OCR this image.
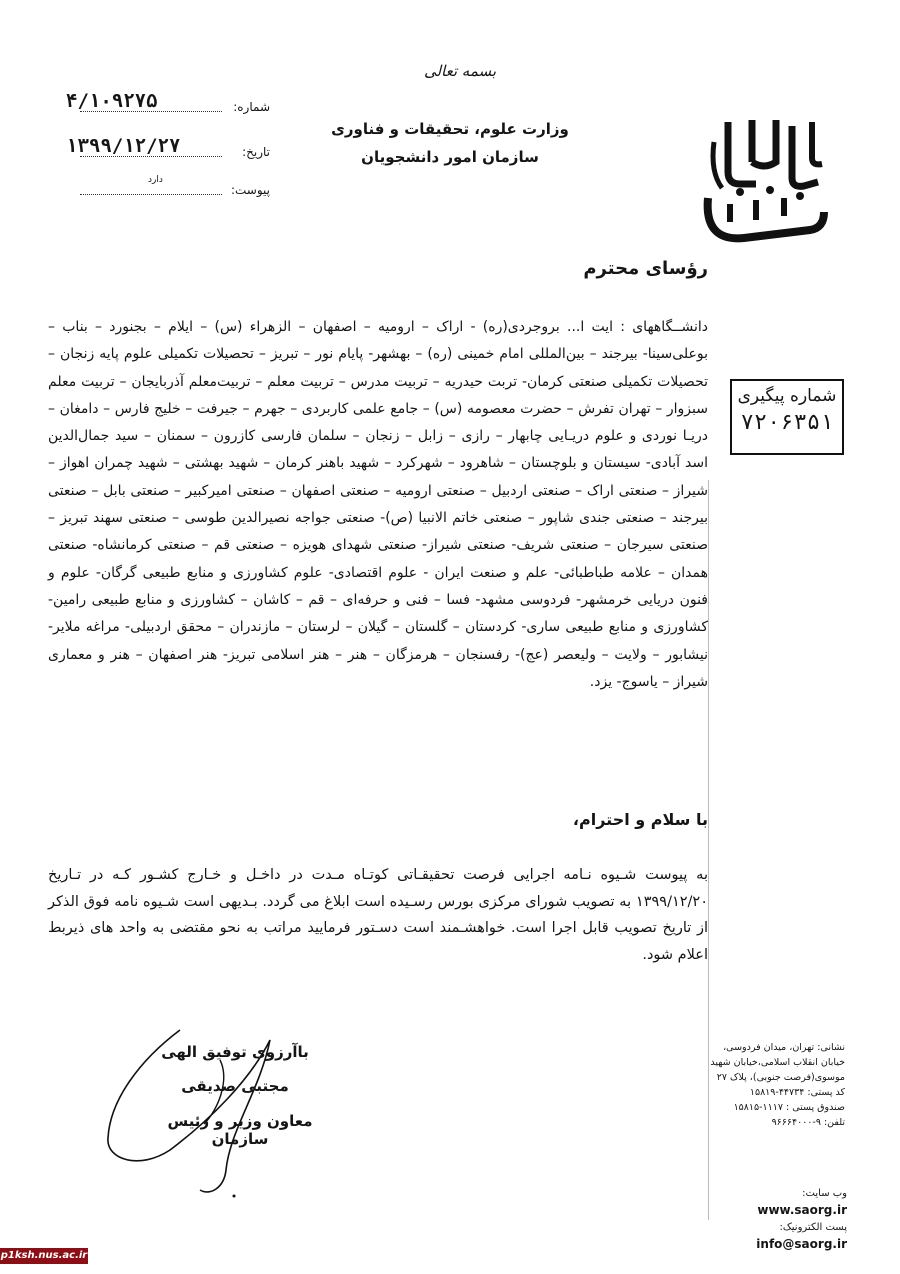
بسمه تعالی
وزارت علوم، تحقیقات و فناوری
سازمان امور دانشجویان
شماره:
۴/۱۰۹۲۷۵
تاریخ:
۱۳۹۹/۱۲/۲۷
پیوست:
دارد
شماره پیگیری
۷۲۰۶۳۵۱
رؤسای محترم
دانشــگاههای : ایت ا... بروجردی(ره) - اراک – ارومیه – اصفهان – الزهراء (س) – ایلام – بجنورد – بناب – بوعلی‌سینا- بیرجند – بین‌المللی امام خمینی (ره) – بهشهر- پایام نور – تبریز – تحصیلات تکمیلی علوم پایه زنجان – تحصیلات تکمیلی صنعتی کرمان- تربت حیدریه – تربیت مدرس – تربیت معلم – تربیت‌معلم آذربایجان – تربیت معلم سبزوار – تهران تفرش – حضرت معصومه (س) – جامع علمی کاربردی – جهرم – جیرفت – خلیج فارس – دامغان – دریـا نوردی و علوم دریـایی چابهار – رازی – زابل – زنجان – سلمان فارسی کازرون – سمنان – سید جمال‌الدین اسد آبادی- سیستان و بلوچستان – شاهرود – شهرکرد – شهید باهنر کرمان – شهید بهشتی – شهید چمران اهواز – شیراز – صنعتی اراک – صنعتی اردبیل – صنعتی ارومیه – صنعتی اصفهان – صنعتی امیرکبیر – صنعتی بابل – صنعتی بیرجند – صنعتی جندی شاپور – صنعتی خاتم الانبیا (ص)- صنعتی جواجه نصیرالدین طوسی – صنعتی سهند تبریز – صنعتی سیرجان – صنعتی شریف- صنعتی شیراز- صنعتی شهدای هویزه – صنعتی قم – صنعتی کرمانشاه- صنعتی همدان – علامه طباطبائی- علم و صنعت ایران - علوم اقتصادی- علوم کشاورزی و منابع طبیعی گرگان- علوم و فنون دریایی خرمشهر- فردوسی مشهد- فسا – فنی و حرفه‌ای – قم – کاشان – کشاورزی و منابع طبیعی رامین- کشاورزی و منابع طبیعی ساری- کردستان – گلستان – گیلان – لرستان – مازندران – محقق اردبیلی- مراغه ملایر- نیشابور – ولایت – ولیعصر (عج)- رفسنجان – هرمزگان – هنر – هنر اسلامی تبریز- هنر اصفهان – هنر و معماری شیراز – یاسوج- یزد.
با سلام و احترام،
به پیوست شـیوه نـامه اجرایی فرصت تحقیقـاتی کوتـاه مـدت در داخـل و خـارج کشـور کـه در تـاریخ ۱۳۹۹/۱۲/۲۰ به تصویب شورای مرکزی بورس رسـیده است ابلاغ می گردد. بـدیهی است شـیوه نامه فوق الذکر از تاریخ تصویب قابل اجرا است. خواهشـمند است دسـتور فرمایید مراتب به نحو مقتضی به واحد های ذیربط اعلام شود.
باآرزوی توفیق الهی
مجتبی صدیقی
معاون وزیر و رئیس سازمان
نشانی: تهران، میدان فردوسی،
خیابان انقلاب اسلامی،خیابان شهید
موسوی(فرصت جنوبی)، پلاک ۲۷
کد پستی: ۴۴۷۳۴-۱۵۸۱۹
صندوق پستی : ۱۱۱۷-۱۵۸۱۵
تلفن: ۹-۹۶۶۶۴۰۰۰
وب سایت: www.saorg.ir
پست الکترونیک: info@saorg.ir
p1ksh.nus.ac.ir
